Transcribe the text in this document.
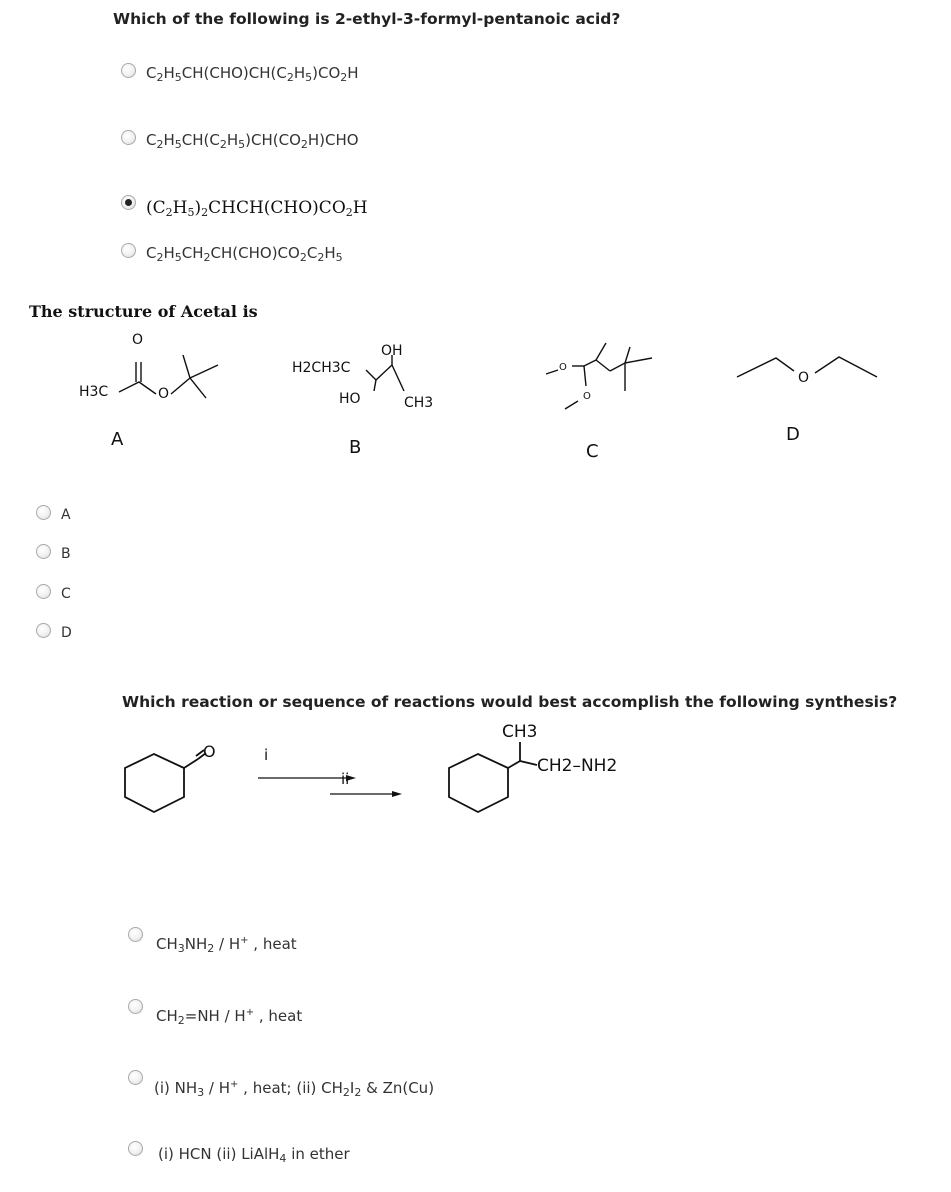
Which of the following is 2-ethyl-3-formyl-pentanoic acid?
$C_2H_5CH(CHO)CH(C_2H_5)CO_2H$
$C_2H_5CH(C_2H_5)CH(CO_2H)CHO$
$(C_2H_5)_2CHCH(CHO)CO_2H$
$C_2H_5CH_2CH(CHO)CO_2C_2H_5$
The structure of Acetal is
O
O
H3C
OH
H2CH3C
HO	CH3
O
O
O
A	B	C
D
A
B
C
D
Which reaction or sequence of reactions would best accomplish the following synthesis?
O	i
ii
CH3
CH2–NH2
$CH_3NH_2 / H^+$ , heat
$CH_2=NH / H^+$ , heat
(i) $NH_3 / H^+$ , heat; (ii) $CH_2I_2$ & Zn(Cu)
(i) HCN (ii) LiAlH$_4$ in ether
